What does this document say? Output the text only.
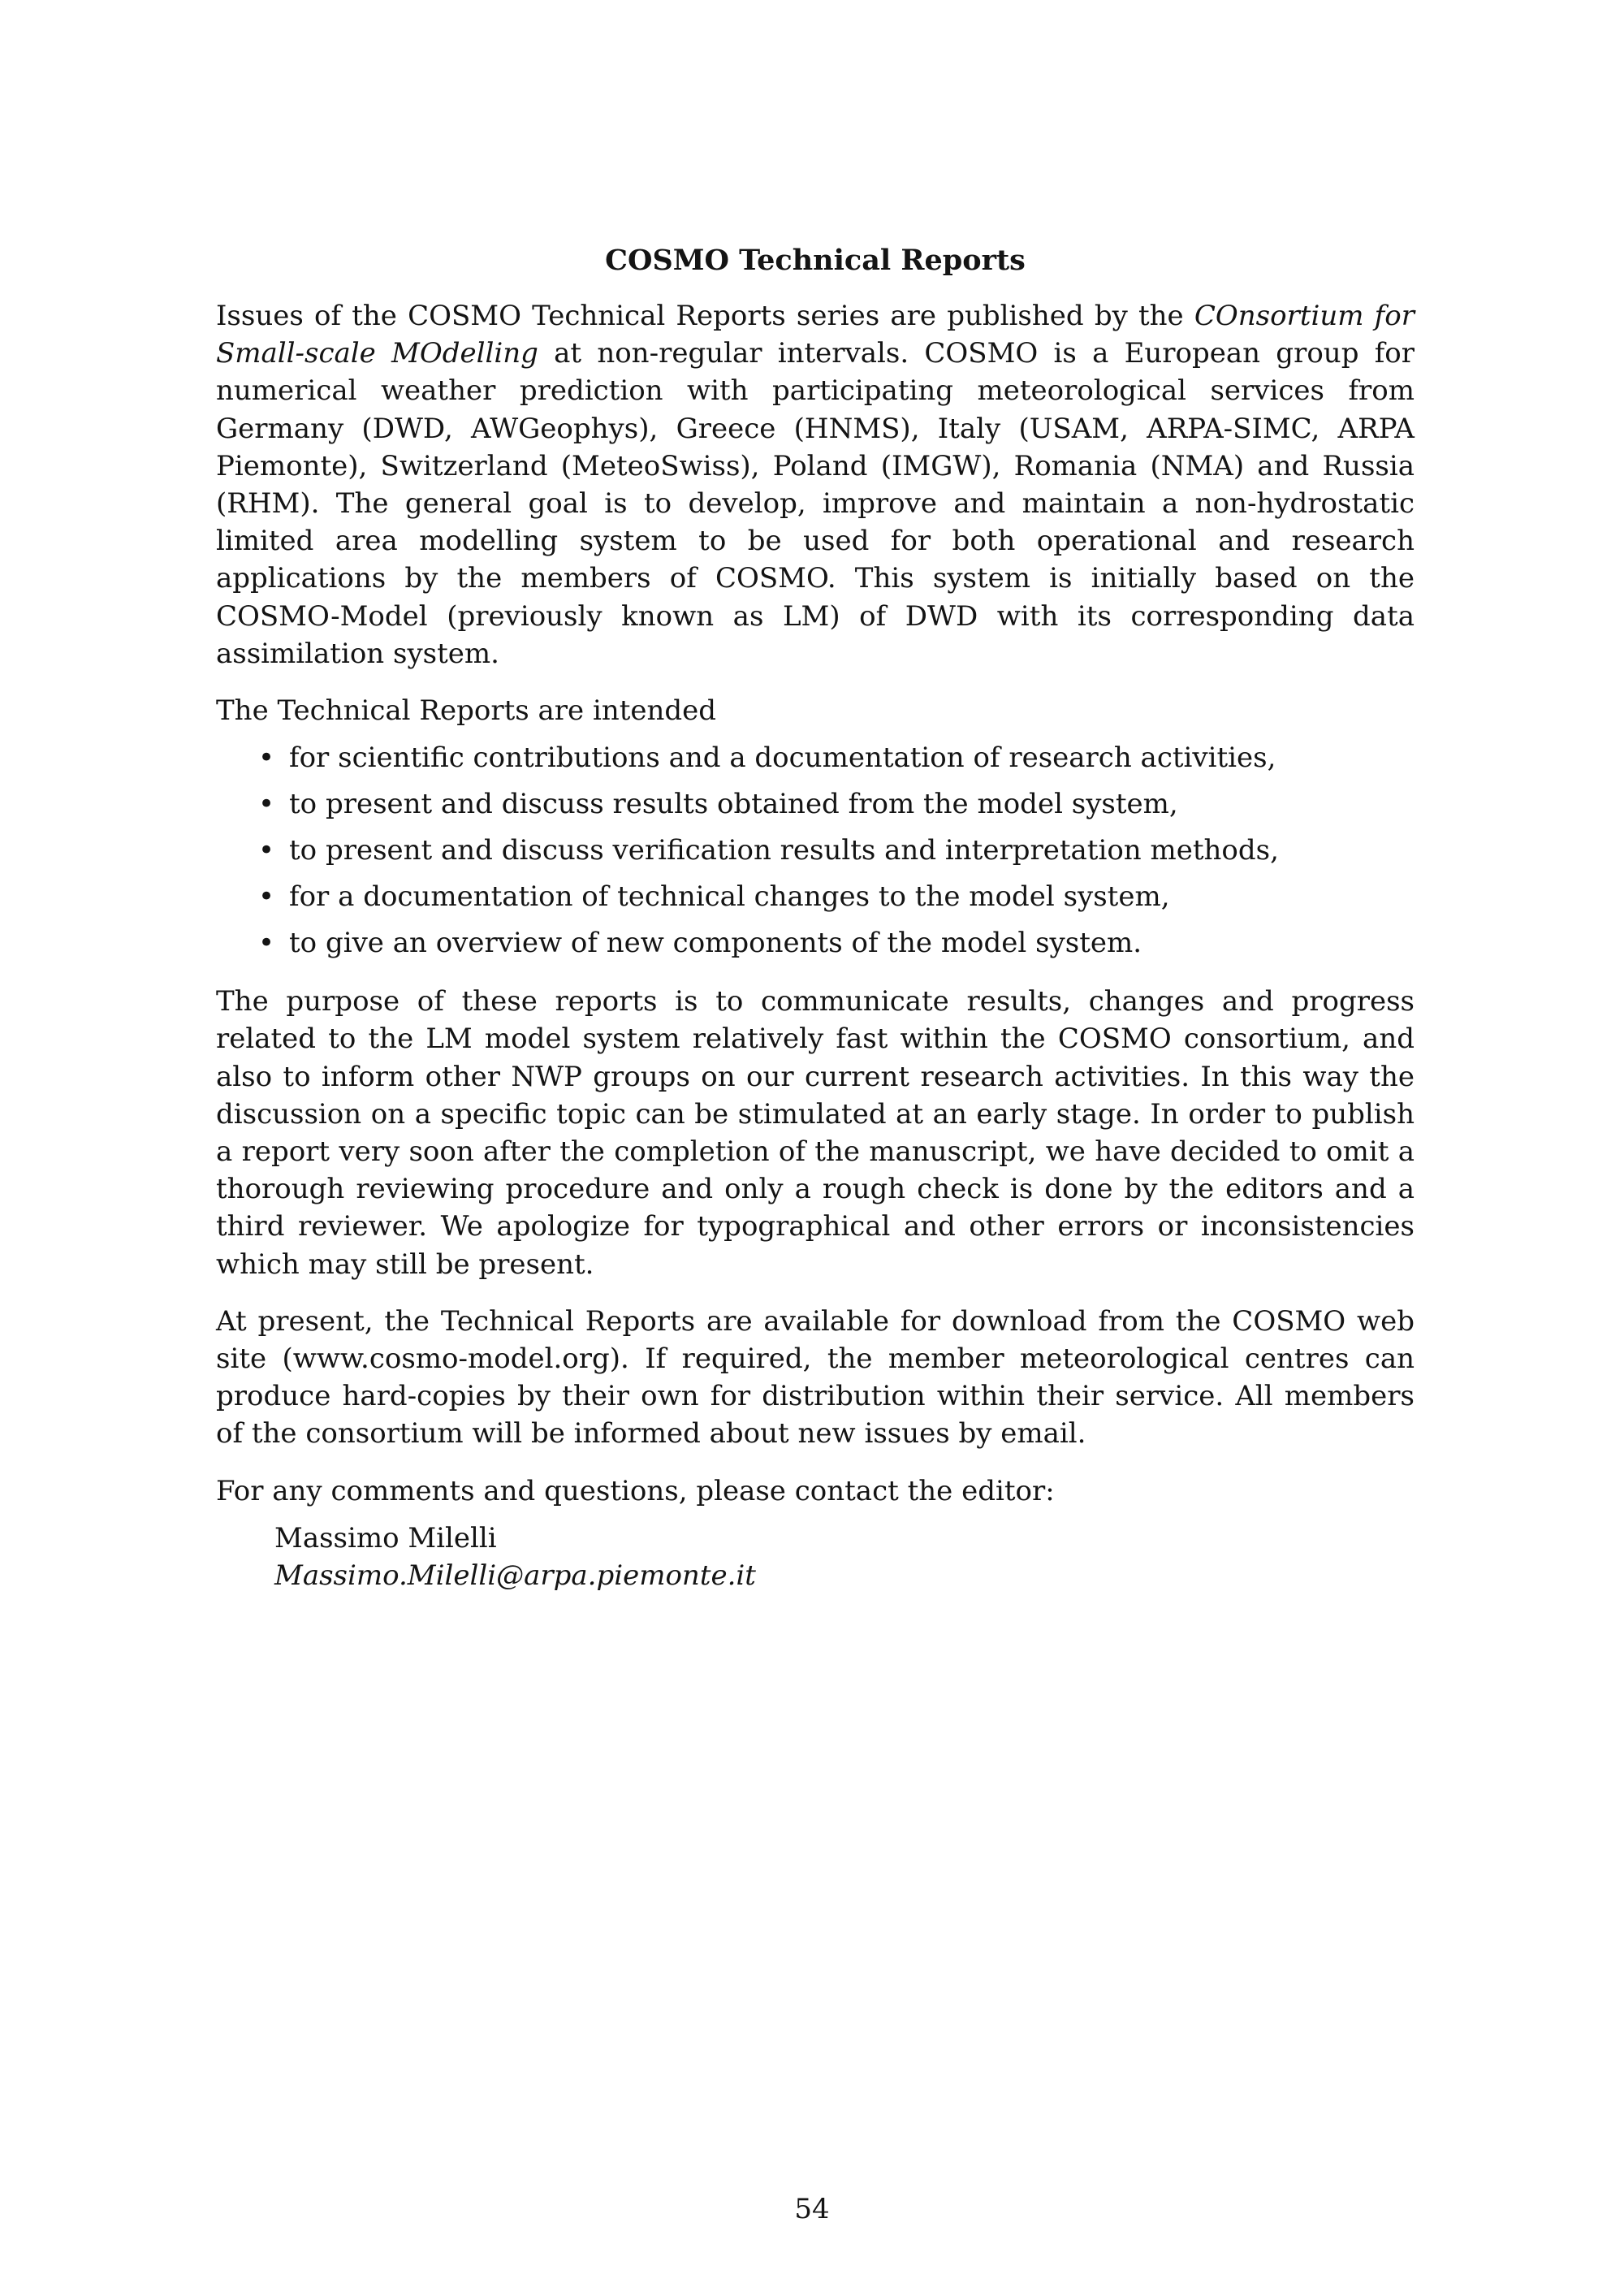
COSMO Technical Reports

Issues of the COSMO Technical Reports series are published by the COnsortium for Small-scale MOdelling at non-regular intervals. COSMO is a European group for numerical weather prediction with participating meteorological services from Germany (DWD, AWGeophys), Greece (HNMS), Italy (USAM, ARPA-SIMC, ARPA Piemonte), Switzerland (MeteoSwiss), Poland (IMGW), Romania (NMA) and Russia (RHM). The general goal is to develop, improve and maintain a non-hydrostatic limited area modelling system to be used for both operational and research applications by the members of COSMO. This system is initially based on the COSMO-Model (previously known as LM) of DWD with its corresponding data assimilation system.

The Technical Reports are intended

• for scientific contributions and a documentation of research activities,
• to present and discuss results obtained from the model system,
• to present and discuss verification results and interpretation methods,
• for a documentation of technical changes to the model system,
• to give an overview of new components of the model system.

The purpose of these reports is to communicate results, changes and progress related to the LM model system relatively fast within the COSMO consortium, and also to inform other NWP groups on our current research activities. In this way the discussion on a specific topic can be stimulated at an early stage. In order to publish a report very soon after the completion of the manuscript, we have decided to omit a thorough reviewing procedure and only a rough check is done by the editors and a third reviewer. We apologize for typographical and other errors or inconsistencies which may still be present.

At present, the Technical Reports are available for download from the COSMO web site (www.cosmo-model.org). If required, the member meteorological centres can produce hard-copies by their own for distribution within their service. All members of the consortium will be informed about new issues by email.

For any comments and questions, please contact the editor:

Massimo Milelli
Massimo.Milelli@arpa.piemonte.it
54
